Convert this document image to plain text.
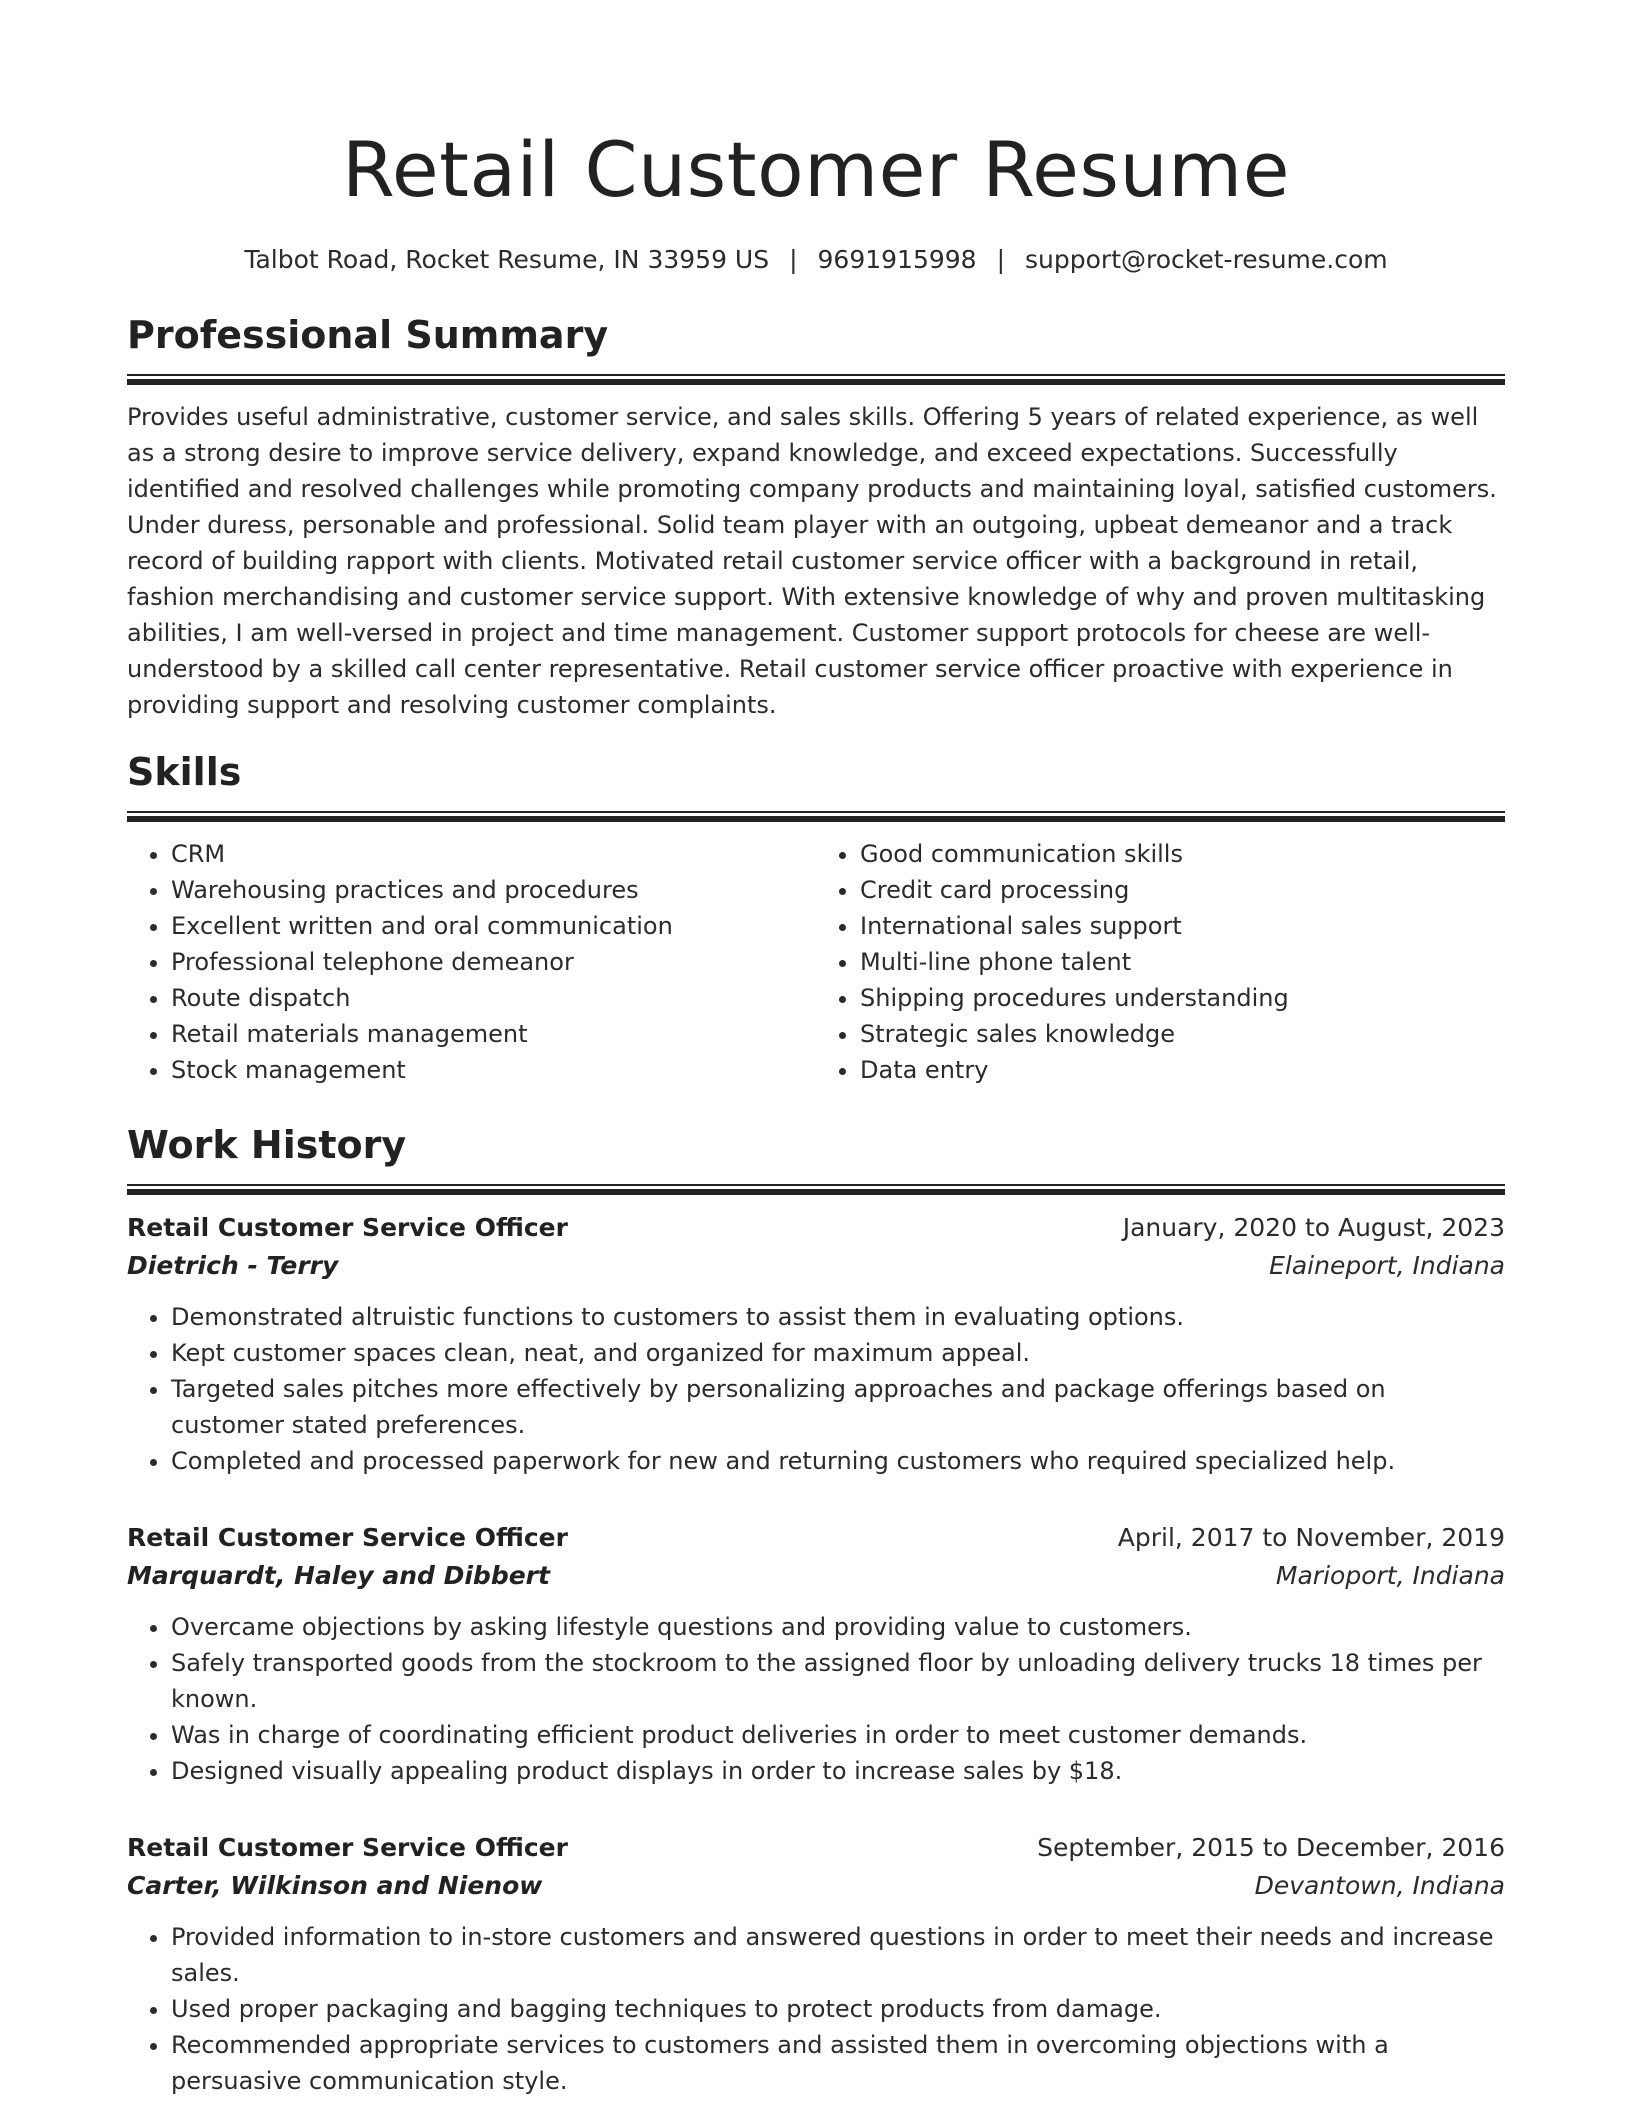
Retail Customer Resume
Talbot Road, Rocket Resume, IN 33959 US | 9691915998 | support@rocket-resume.com
Professional Summary

Provides useful administrative, customer service, and sales skills. Offering 5 years of related experience, as well as a strong desire to improve service delivery, expand knowledge, and exceed expectations. Successfully identified and resolved challenges while promoting company products and maintaining loyal, satisfied customers. Under duress, personable and professional. Solid team player with an outgoing, upbeat demeanor and a track record of building rapport with clients. Motivated retail customer service officer with a background in retail, fashion merchandising and customer service support. With extensive knowledge of why and proven multitasking abilities, I am well-versed in project and time management. Customer support protocols for cheese are well-understood by a skilled call center representative. Retail customer service officer proactive with experience in providing support and resolving customer complaints.

Skills
• CRM
• Warehousing practices and procedures
• Excellent written and oral communication
• Professional telephone demeanor
• Route dispatch
• Retail materials management
• Stock management
• Good communication skills
• Credit card processing
• International sales support
• Multi-line phone talent
• Shipping procedures understanding
• Strategic sales knowledge
• Data entry
Work History
Retail Customer Service Officer	January, 2020 to August, 2023
Dietrich - Terry	Elaineport, Indiana
• Demonstrated altruistic functions to customers to assist them in evaluating options.
• Kept customer spaces clean, neat, and organized for maximum appeal.
• Targeted sales pitches more effectively by personalizing approaches and package offerings based on customer stated preferences.
• Completed and processed paperwork for new and returning customers who required specialized help.
Retail Customer Service Officer	April, 2017 to November, 2019
Marquardt, Haley and Dibbert	Marioport, Indiana
• Overcame objections by asking lifestyle questions and providing value to customers.
• Safely transported goods from the stockroom to the assigned floor by unloading delivery trucks 18 times per known.
• Was in charge of coordinating efficient product deliveries in order to meet customer demands.
• Designed visually appealing product displays in order to increase sales by $18.
Retail Customer Service Officer	September, 2015 to December, 2016
Carter, Wilkinson and Nienow	Devantown, Indiana
• Provided information to in-store customers and answered questions in order to meet their needs and increase sales.
• Used proper packaging and bagging techniques to protect products from damage.
• Recommended appropriate services to customers and assisted them in overcoming objections with a persuasive communication style.
